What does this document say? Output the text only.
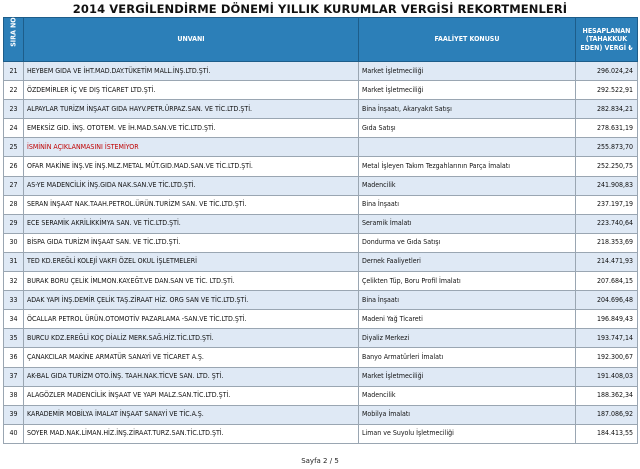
2014 VERGİLENDİRME DÖNEMİ YILLIK KURUMLAR VERGİSİ REKORTMENLERİ
SIRA NO	UNVANI	FAALİYET KONUSU	HESAPLANAN (TAHAKKUK EDEN) VERGİ ₺
21	HEYBEM GIDA VE İHT.MAD.DAY.TÜKETİM MALL.İNŞ.LTD.ŞTİ.	Market İşletmeciliği	296.024,24
22	ÖZDEMİRLER İÇ VE DIŞ TİCARET LTD.ŞTİ.	Market İşletmeciliği	292.522,91
23	ALPAYLAR TURİZM İNŞAAT GIDA HAYV.PETR.ÜRPAZ.SAN. VE TİC.LTD.ŞTİ.	Bina İnşaatı, Akaryakıt Satışı	282.834,21
24	EMEKSİZ GID. İNŞ. OTOTEM. VE İH.MAD.SAN.VE TİC.LTD.ŞTİ.	Gıda Satışı	278.631,19
25	İSMİNİN AÇIKLANMASINI İSTEMİYOR		255.873,70
26	OFAR MAKİNE İNŞ.VE İNŞ.MLZ.METAL MÜT.GID.MAD.SAN.VE TİC.LTD.ŞTİ.	Metal İşleyen Takım Tezgahlarının Parça İmalatı	252.250,75
27	AS-YE MADENCİLİK İNŞ.GIDA NAK.SAN.VE TİC.LTD.ŞTİ.	Madencilik	241.908,83
28	SERAN İNŞAAT NAK.TAAH.PETROL.ÜRÜN.TURİZM SAN. VE TİC.LTD.ŞTİ.	Bina İnşaatı	237.197,19
29	ECE SERAMİK AKRİLİKKİMYA SAN. VE TİC.LTD.ŞTİ.	Seramik İmalatı	223.740,64
30	BİSPA GIDA TURİZM İNŞAAT SAN. VE TİC.LTD.ŞTİ.	Dondurma ve Gıda Satışı	218.353,69
31	TED KD.EREĞLİ KOLEJİ VAKFI ÖZEL OKUL İŞLETMELERİ	Dernek Faaliyetleri	214.471,93
32	BURAK BORU ÇELİK İMLMON.KAY.EĞT.VE DAN.SAN VE TİC. LTD.ŞTİ.	Çelikten Tüp, Boru Profil İmalatı	207.684,15
33	ADAK YAPI İNŞ.DEMİR ÇELİK TAŞ.ZİRAAT HİZ. ORG SAN VE TİC.LTD.ŞTİ.	Bina İnşaatı	204.696,48
34	ÖCALLAR PETROL ÜRÜN.OTOMOTİV PAZARLAMA -SAN.VE TİC.LTD.ŞTİ.	Madeni Yağ Ticareti	196.849,43
35	BURCU KDZ.EREĞLİ KOÇ DİALİZ MERK.SAĞ.HİZ.TİC.LTD.ŞTİ.	Diyaliz Merkezi	193.747,14
36	ÇANAKCILAR MAKİNE ARMATÜR SANAYİ VE TİCARET A.Ş.	Banyo Armatürleri İmalatı	192.300,67
37	AK-BAL GIDA TURİZM OTO.İNŞ. TAAH.NAK.TİCVE SAN. LTD. ŞTİ.	Market İşletmeciliği	191.408,03
38	ALAGÖZLER MADENCİLİK İNŞAAT VE YAPI MALZ.SAN.TİC.LTD.ŞTİ.	Madencilik	188.362,34
39	KARADEMİR MOBİLYA İMALAT İNŞAAT SANAYİ VE TİC.A.Ş.	Mobilya İmalatı	187.086,92
40	SOYER MAD.NAK.LİMAN.HİZ.İNŞ.ZİRAAT.TURZ.SAN.TİC.LTD.ŞTİ.	Liman ve Suyolu İşletmeciliği	184.413,55
Sayfa 2 / 5
